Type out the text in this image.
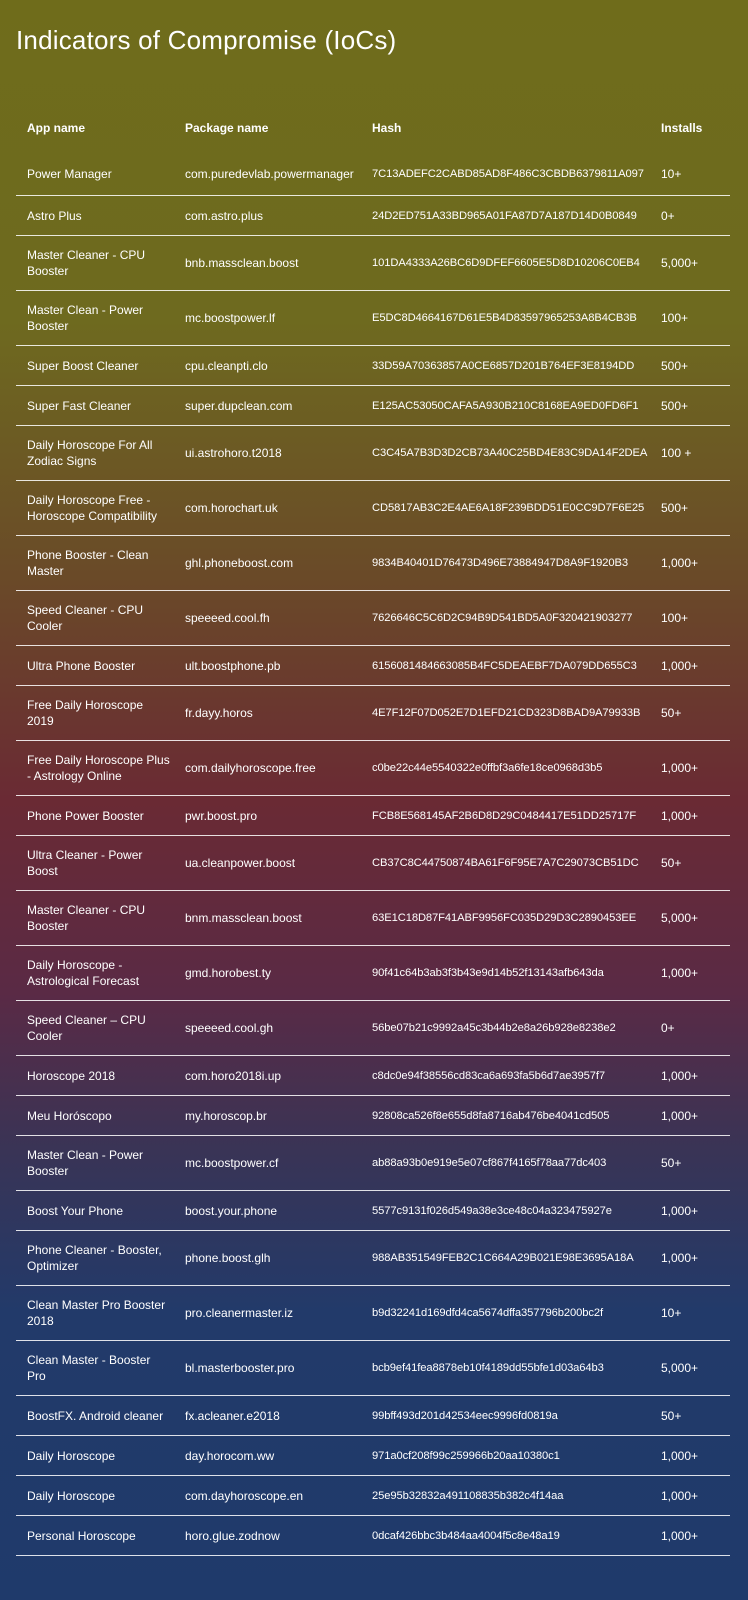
Indicators of Compromise (IoCs)
App name	Package name	Hash	Installs
Power Manager	com.puredevlab.powermanager	7C13ADEFC2CABD85AD8F486C3CBDB6379811A097	10+
Astro Plus	com.astro.plus	24D2ED751A33BD965A01FA87D7A187D14D0B0849	0+
Master Cleaner - CPU Booster	bnb.massclean.boost	101DA4333A26BC6D9DFEF6605E5D8D10206C0EB4	5,000+
Master Clean - Power Booster	mc.boostpower.lf	E5DC8D4664167D61E5B4D83597965253A8B4CB3B	100+
Super Boost Cleaner	cpu.cleanpti.clo	33D59A70363857A0CE6857D201B764EF3E8194DD	500+
Super Fast Cleaner	super.dupclean.com	E125AC53050CAFA5A930B210C8168EA9ED0FD6F1	500+
Daily Horoscope For All Zodiac Signs	ui.astrohoro.t2018	C3C45A7B3D3D2CB73A40C25BD4E83C9DA14F2DEA	100 +
Daily Horoscope Free - Horoscope Compatibility	com.horochart.uk	CD5817AB3C2E4AE6A18F239BDD51E0CC9D7F6E25	500+
Phone Booster - Clean Master	ghl.phoneboost.com	9834B40401D76473D496E73884947D8A9F1920B3	1,000+
Speed Cleaner - CPU Cooler	speeeed.cool.fh	7626646C5C6D2C94B9D541BD5A0F320421903277	100+
Ultra Phone Booster	ult.boostphone.pb	6156081484663085B4FC5DEAEBF7DA079DD655C3	1,000+
Free Daily Horoscope 2019	fr.dayy.horos	4E7F12F07D052E7D1EFD21CD323D8BAD9A79933B	50+
Free Daily Horoscope Plus - Astrology Online	com.dailyhoroscope.free	c0be22c44e5540322e0ffbf3a6fe18ce0968d3b5	1,000+
Phone Power Booster	pwr.boost.pro	FCB8E568145AF2B6D8D29C0484417E51DD25717F	1,000+
Ultra Cleaner - Power Boost	ua.cleanpower.boost	CB37C8C44750874BA61F6F95E7A7C29073CB51DC	50+
Master Cleaner - CPU Booster	bnm.massclean.boost	63E1C18D87F41ABF9956FC035D29D3C2890453EE	5,000+
Daily Horoscope - Astrological Forecast	gmd.horobest.ty	90f41c64b3ab3f3b43e9d14b52f13143afb643da	1,000+
Speed Cleaner – CPU Cooler	speeeed.cool.gh	56be07b21c9992a45c3b44b2e8a26b928e8238e2	0+
Horoscope 2018	com.horo2018i.up	c8dc0e94f38556cd83ca6a693fa5b6d7ae3957f7	1,000+
Meu Horóscopo	my.horoscop.br	92808ca526f8e655d8fa8716ab476be4041cd505	1,000+
Master Clean - Power Booster	mc.boostpower.cf	ab88a93b0e919e5e07cf867f4165f78aa77dc403	50+
Boost Your Phone	boost.your.phone	5577c9131f026d549a38e3ce48c04a323475927e	1,000+
Phone Cleaner - Booster, Optimizer	phone.boost.glh	988AB351549FEB2C1C664A29B021E98E3695A18A	1,000+
Clean Master Pro Booster 2018	pro.cleanermaster.iz	b9d32241d169dfd4ca5674dffa357796b200bc2f	10+
Clean Master - Booster Pro	bl.masterbooster.pro	bcb9ef41fea8878eb10f4189dd55bfe1d03a64b3	5,000+
BoostFX. Android cleaner	fx.acleaner.e2018	99bff493d201d42534eec9996fd0819a	50+
Daily Horoscope	day.horocom.ww	971a0cf208f99c259966b20aa10380c1	1,000+
Daily Horoscope	com.dayhoroscope.en	25e95b32832a491108835b382c4f14aa	1,000+
Personal Horoscope	horo.glue.zodnow	0dcaf426bbc3b484aa4004f5c8e48a19	1,000+
